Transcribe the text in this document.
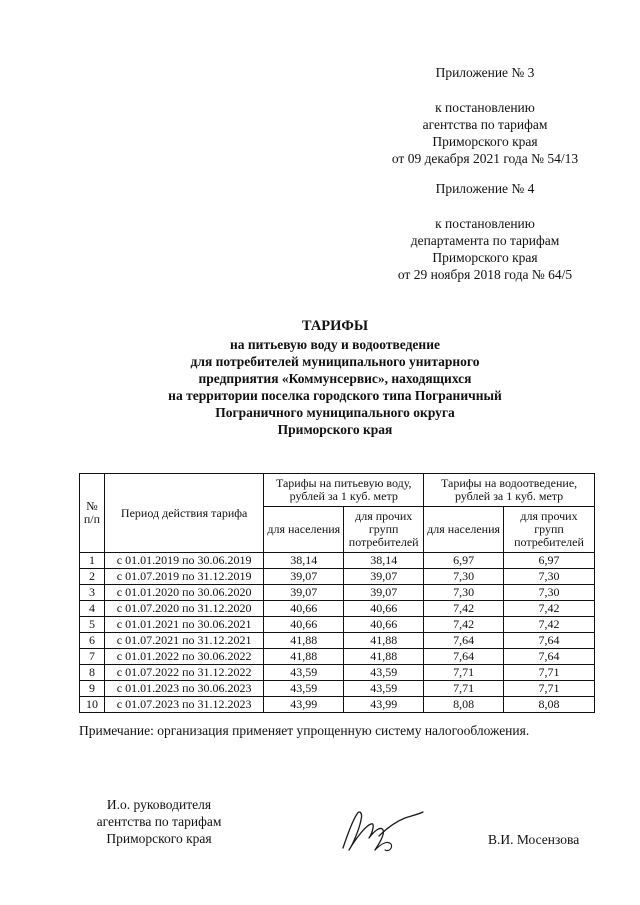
Приложение № 3
к постановлению
агентства по тарифам
Приморского края
от 09 декабря 2021 года № 54/13
Приложение № 4
к постановлению
департамента по тарифам
Приморского края
от 29 ноября 2018 года № 64/5
ТАРИФЫ
на питьевую воду и водоотведение
для потребителей муниципального унитарного
предприятия «Коммунсервис», находящихся
на территории поселка городского типа Пограничный
Пограничного муниципального округа
Приморского края
№ п/п	Период действия тарифа	Тарифы на питьевую воду, рублей за 1 куб. метр		Тарифы на водоотведение, рублей за 1 куб. метр	
		для населения	для прочих групп потребителей	для населения	для прочих групп потребителей
1	с 01.01.2019 по 30.06.2019	38,14	38,14	6,97	6,97
2	с 01.07.2019 по 31.12.2019	39,07	39,07	7,30	7,30
3	с 01.01.2020 по 30.06.2020	39,07	39,07	7,30	7,30
4	с 01.07.2020 по 31.12.2020	40,66	40,66	7,42	7,42
5	с 01.01.2021 по 30.06.2021	40,66	40,66	7,42	7,42
6	с 01.07.2021 по 31.12.2021	41,88	41,88	7,64	7,64
7	с 01.01.2022 по 30.06.2022	41,88	41,88	7,64	7,64
8	с 01.07.2022 по 31.12.2022	43,59	43,59	7,71	7,71
9	с 01.01.2023 по 30.06.2023	43,59	43,59	7,71	7,71
10	с 01.07.2023 по 31.12.2023	43,99	43,99	8,08	8,08
Примечание: организация применяет упрощенную систему налогообложения.
И.о. руководителя
агентства по тарифам
Приморского края	В.И. Мосензова
